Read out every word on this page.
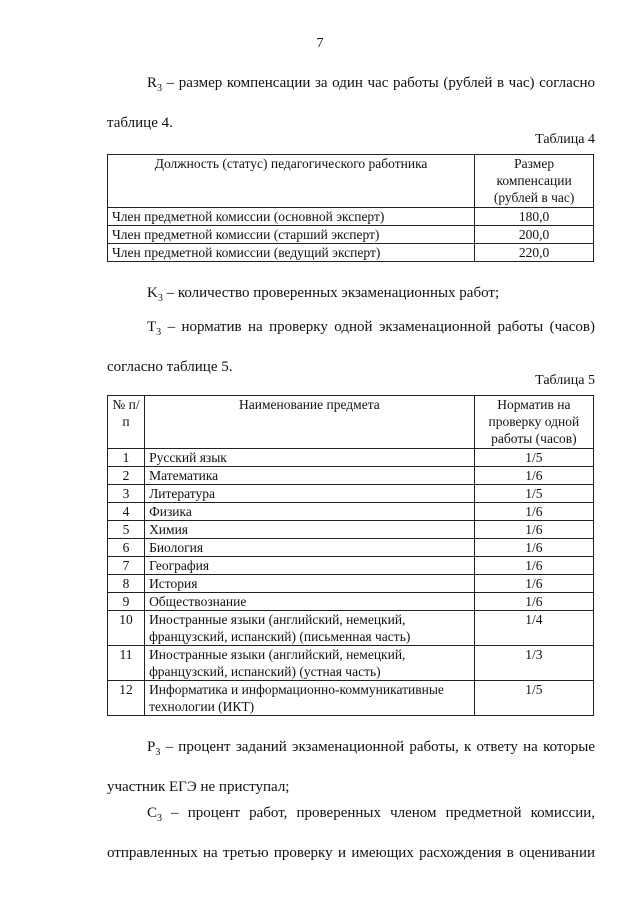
7
$R_3$ – размер компенсации за один час работы (рублей в час) согласно
таблице 4.
Таблица 4
Должность (статус) педагогического работника	Размер компенсации (рублей в час)
Член предметной комиссии (основной эксперт)	180,0
Член предметной комиссии (старший эксперт)	200,0
Член предметной комиссии (ведущий эксперт)	220,0
$K_3$ – количество проверенных экзаменационных работ;
$T_3$ – норматив на проверку одной экзаменационной работы (часов)
согласно таблице 5.
Таблица 5
№ п/п	Наименование предмета	Норматив на проверку одной работы (часов)
1	Русский язык	1/5
2	Математика	1/6
3	Литература	1/5
4	Физика	1/6
5	Химия	1/6
6	Биология	1/6
7	География	1/6
8	История	1/6
9	Обществознание	1/6
10	Иностранные языки (английский, немецкий, французский, испанский) (письменная часть)	1/4
11	Иностранные языки (английский, немецкий, французский, испанский) (устная часть)	1/3
12	Информатика и информационно-коммуникативные технологии (ИКТ)	1/5
$P_3$ – процент заданий экзаменационной работы, к ответу на которые
участник ЕГЭ не приступал;
$C_3$ – процент работ, проверенных членом предметной комиссии,
отправленных на третью проверку и имеющих расхождения в оценивании
